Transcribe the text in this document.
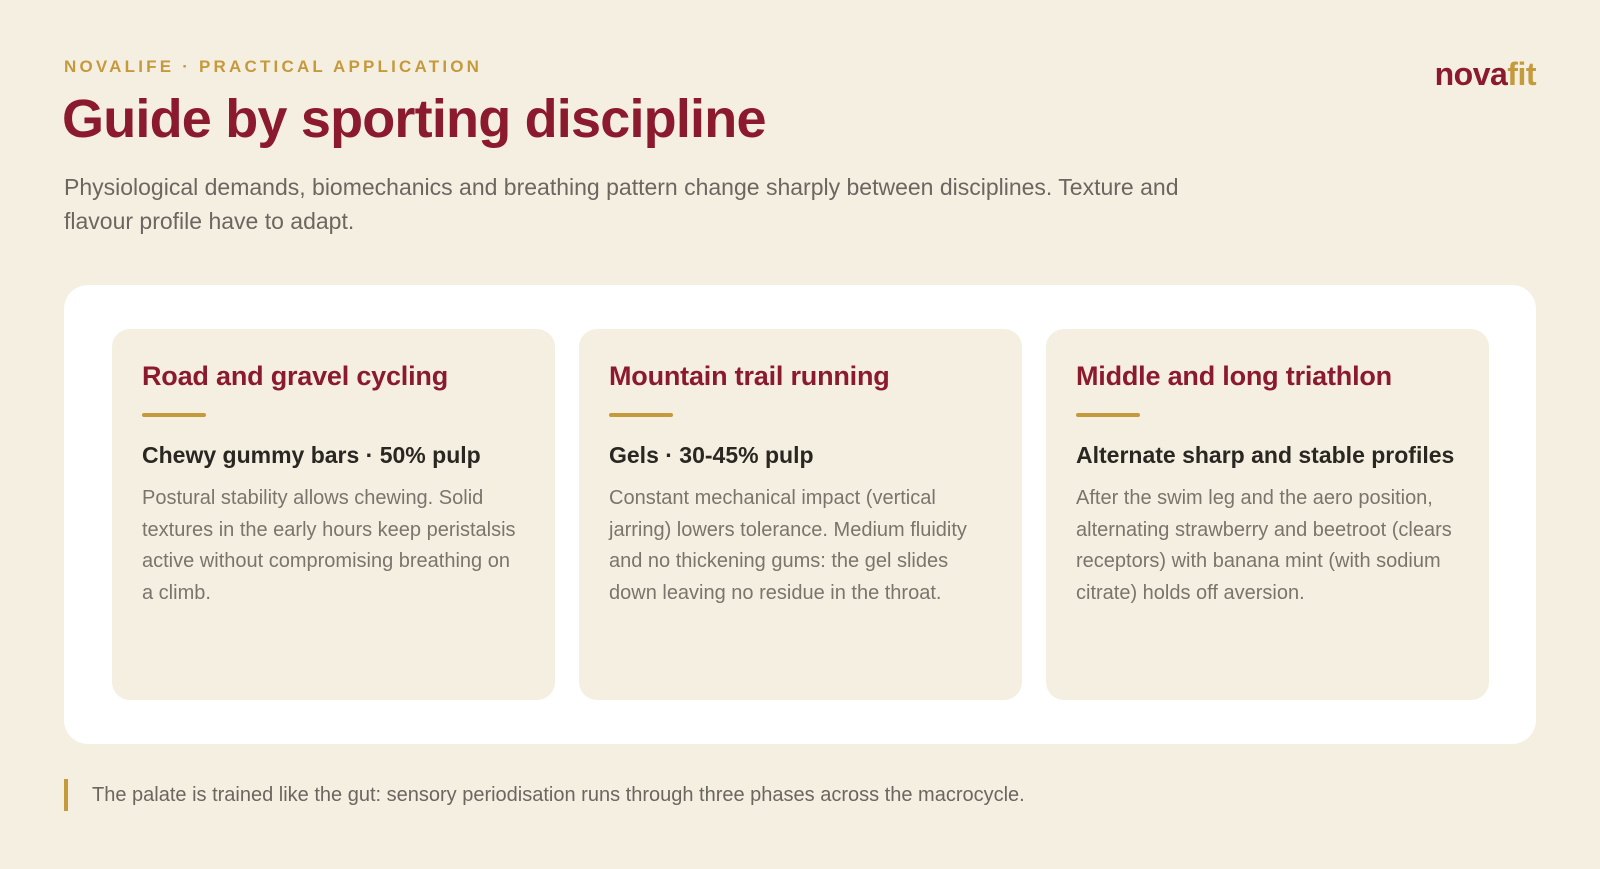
NOVALIFE · PRACTICAL APPLICATION	novafit
Guide by sporting discipline
Physiological demands, biomechanics and breathing pattern change sharply between disciplines. Texture and flavour profile have to adapt.
Road and gravel cycling
Chewy gummy bars · 50% pulp
Postural stability allows chewing. Solid textures in the early hours keep peristalsis active without compromising breathing on a climb.
Mountain trail running
Gels · 30-45% pulp
Constant mechanical impact (vertical jarring) lowers tolerance. Medium fluidity and no thickening gums: the gel slides down leaving no residue in the throat.
Middle and long triathlon
Alternate sharp and stable profiles
After the swim leg and the aero position, alternating strawberry and beetroot (clears receptors) with banana mint (with sodium citrate) holds off aversion.
The palate is trained like the gut: sensory periodisation runs through three phases across the macrocycle.
